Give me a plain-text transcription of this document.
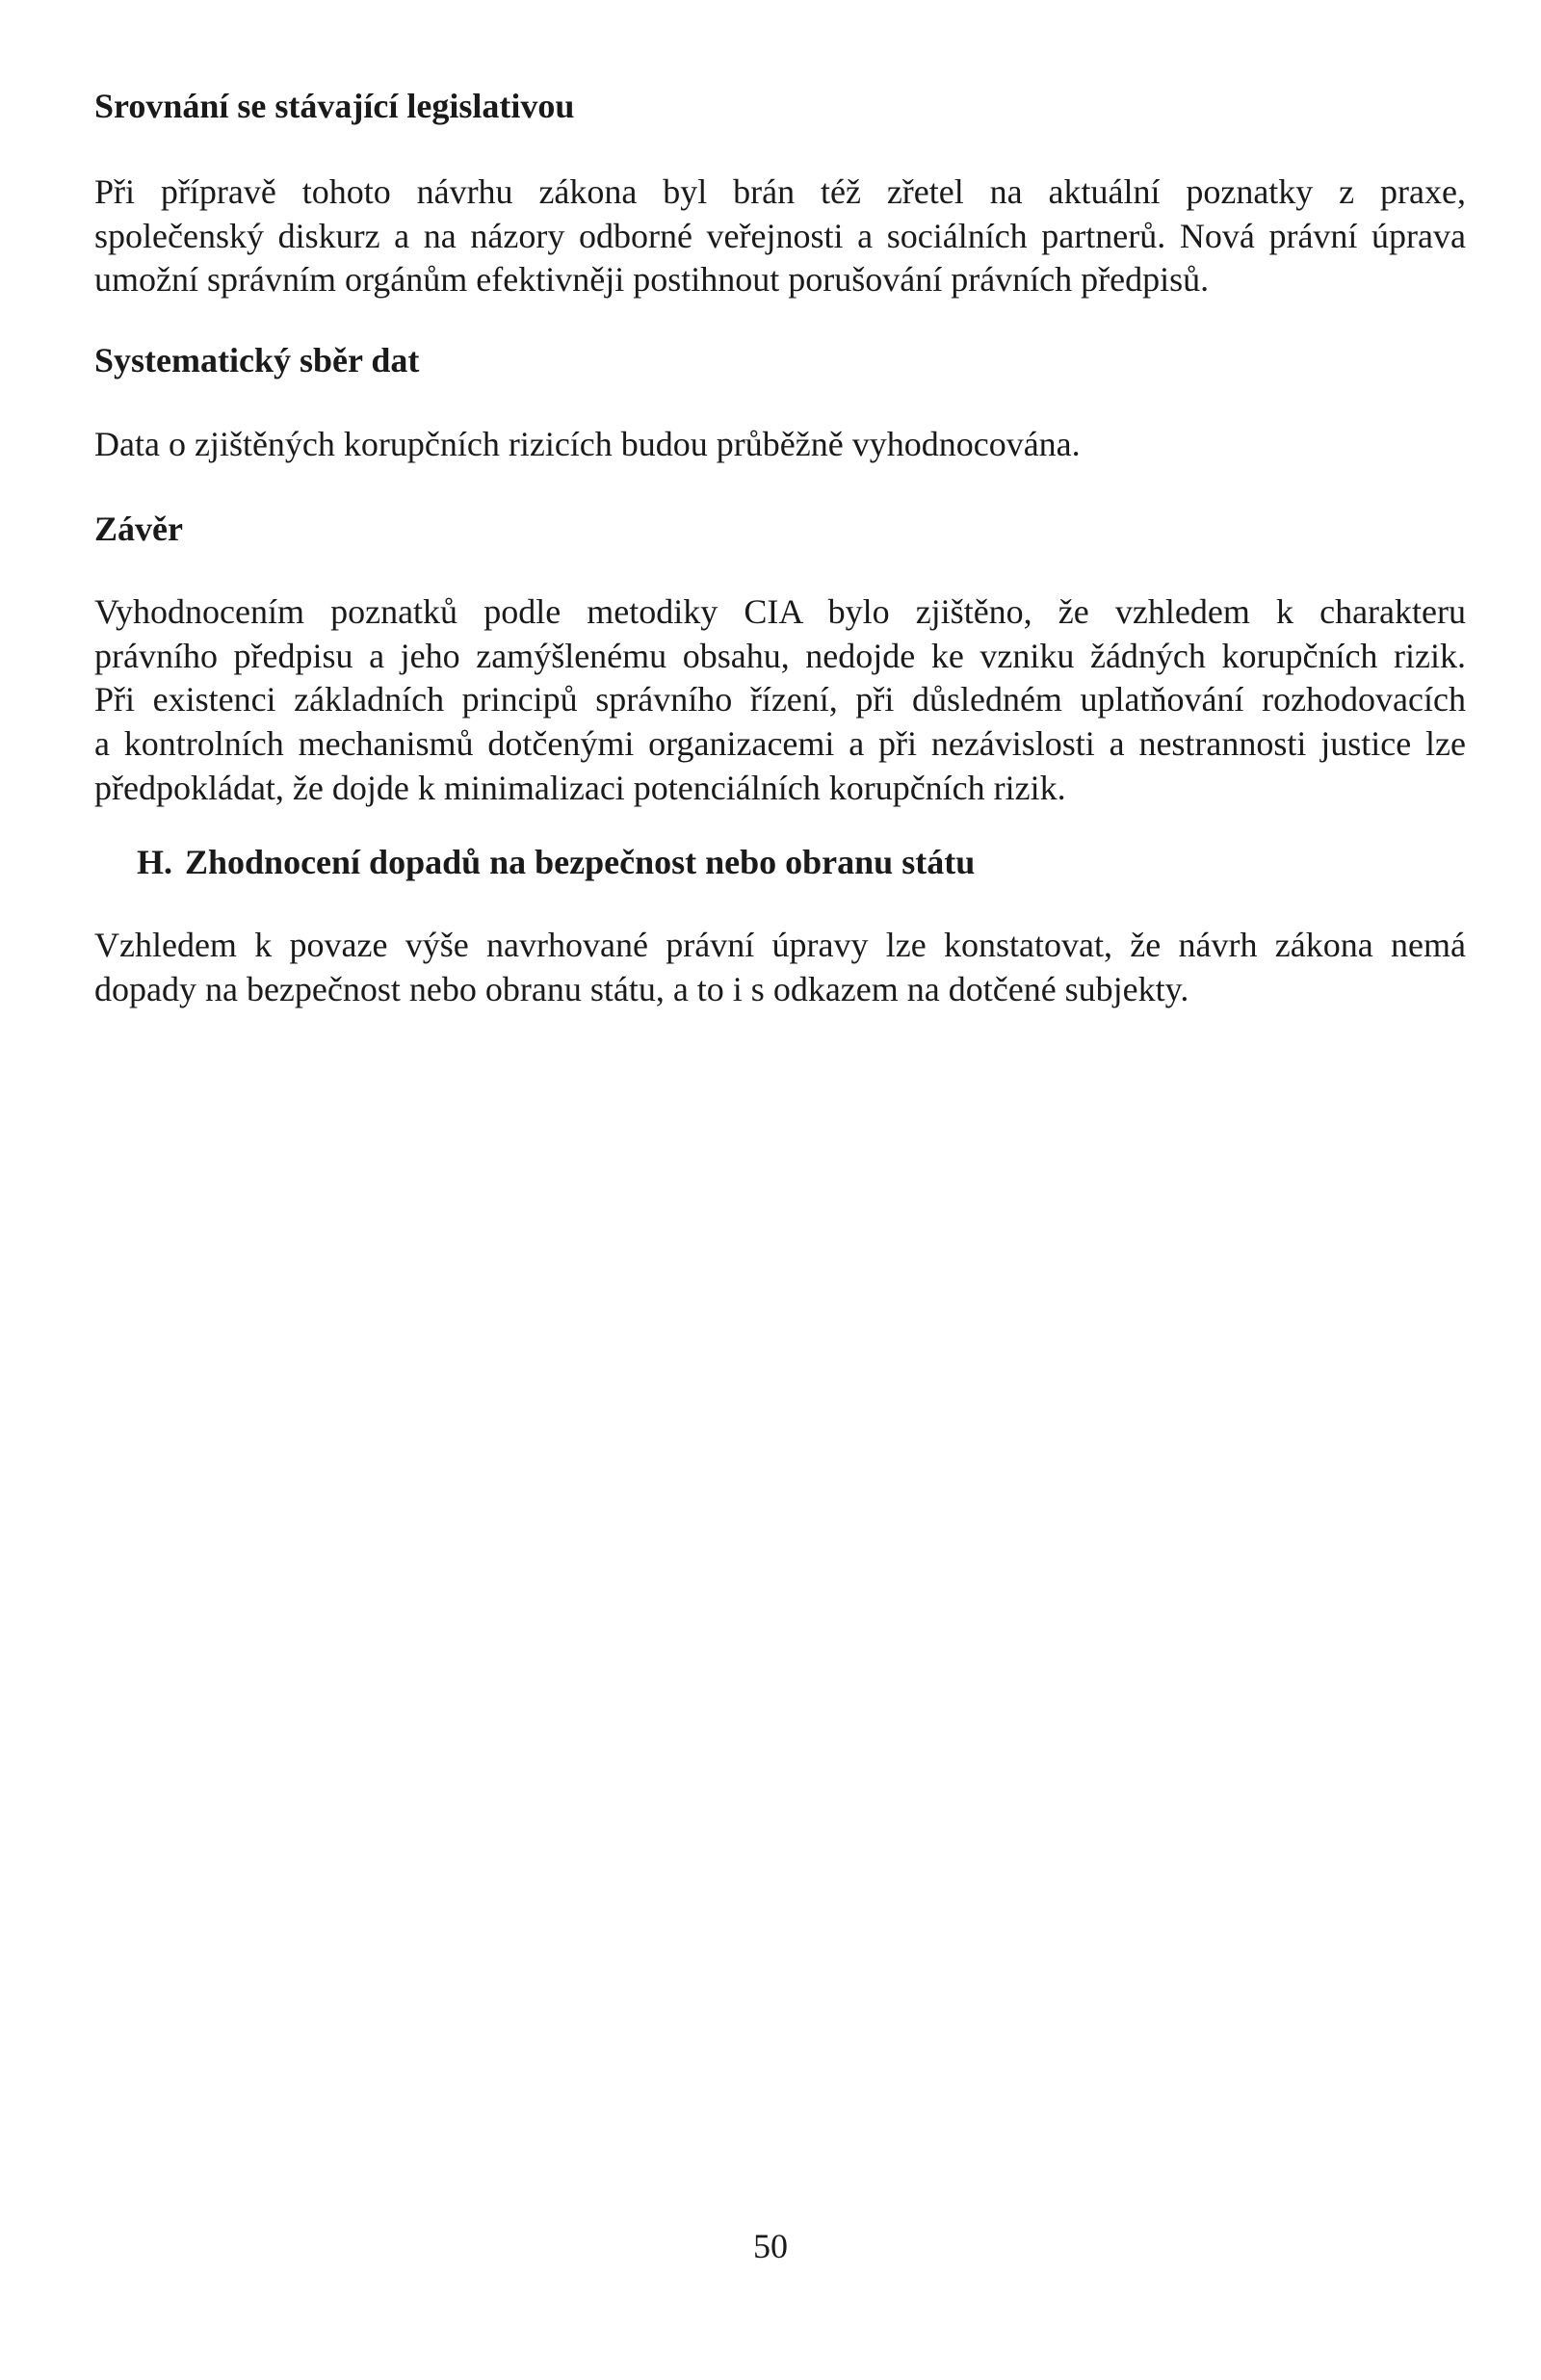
Srovnání se stávající legislativou
Při přípravě tohoto návrhu zákona byl brán též zřetel na aktuální poznatky z praxe,
společenský diskurz a na názory odborné veřejnosti a sociálních partnerů. Nová právní úprava
umožní správním orgánům efektivněji postihnout porušování právních předpisů.
Systematický sběr dat
Data o zjištěných korupčních rizicích budou průběžně vyhodnocována.
Závěr
Vyhodnocením poznatků podle metodiky CIA bylo zjištěno, že vzhledem k charakteru
právního předpisu a jeho zamýšlenému obsahu, nedojde ke vzniku žádných korupčních rizik.
Při existenci základních principů správního řízení, při důsledném uplatňování rozhodovacích
a kontrolních mechanismů dotčenými organizacemi a při nezávislosti a nestrannosti justice lze
předpokládat, že dojde k minimalizaci potenciálních korupčních rizik.
H. Zhodnocení dopadů na bezpečnost nebo obranu státu
Vzhledem k povaze výše navrhované právní úpravy lze konstatovat, že návrh zákona nemá
dopady na bezpečnost nebo obranu státu, a to i s odkazem na dotčené subjekty.
50
